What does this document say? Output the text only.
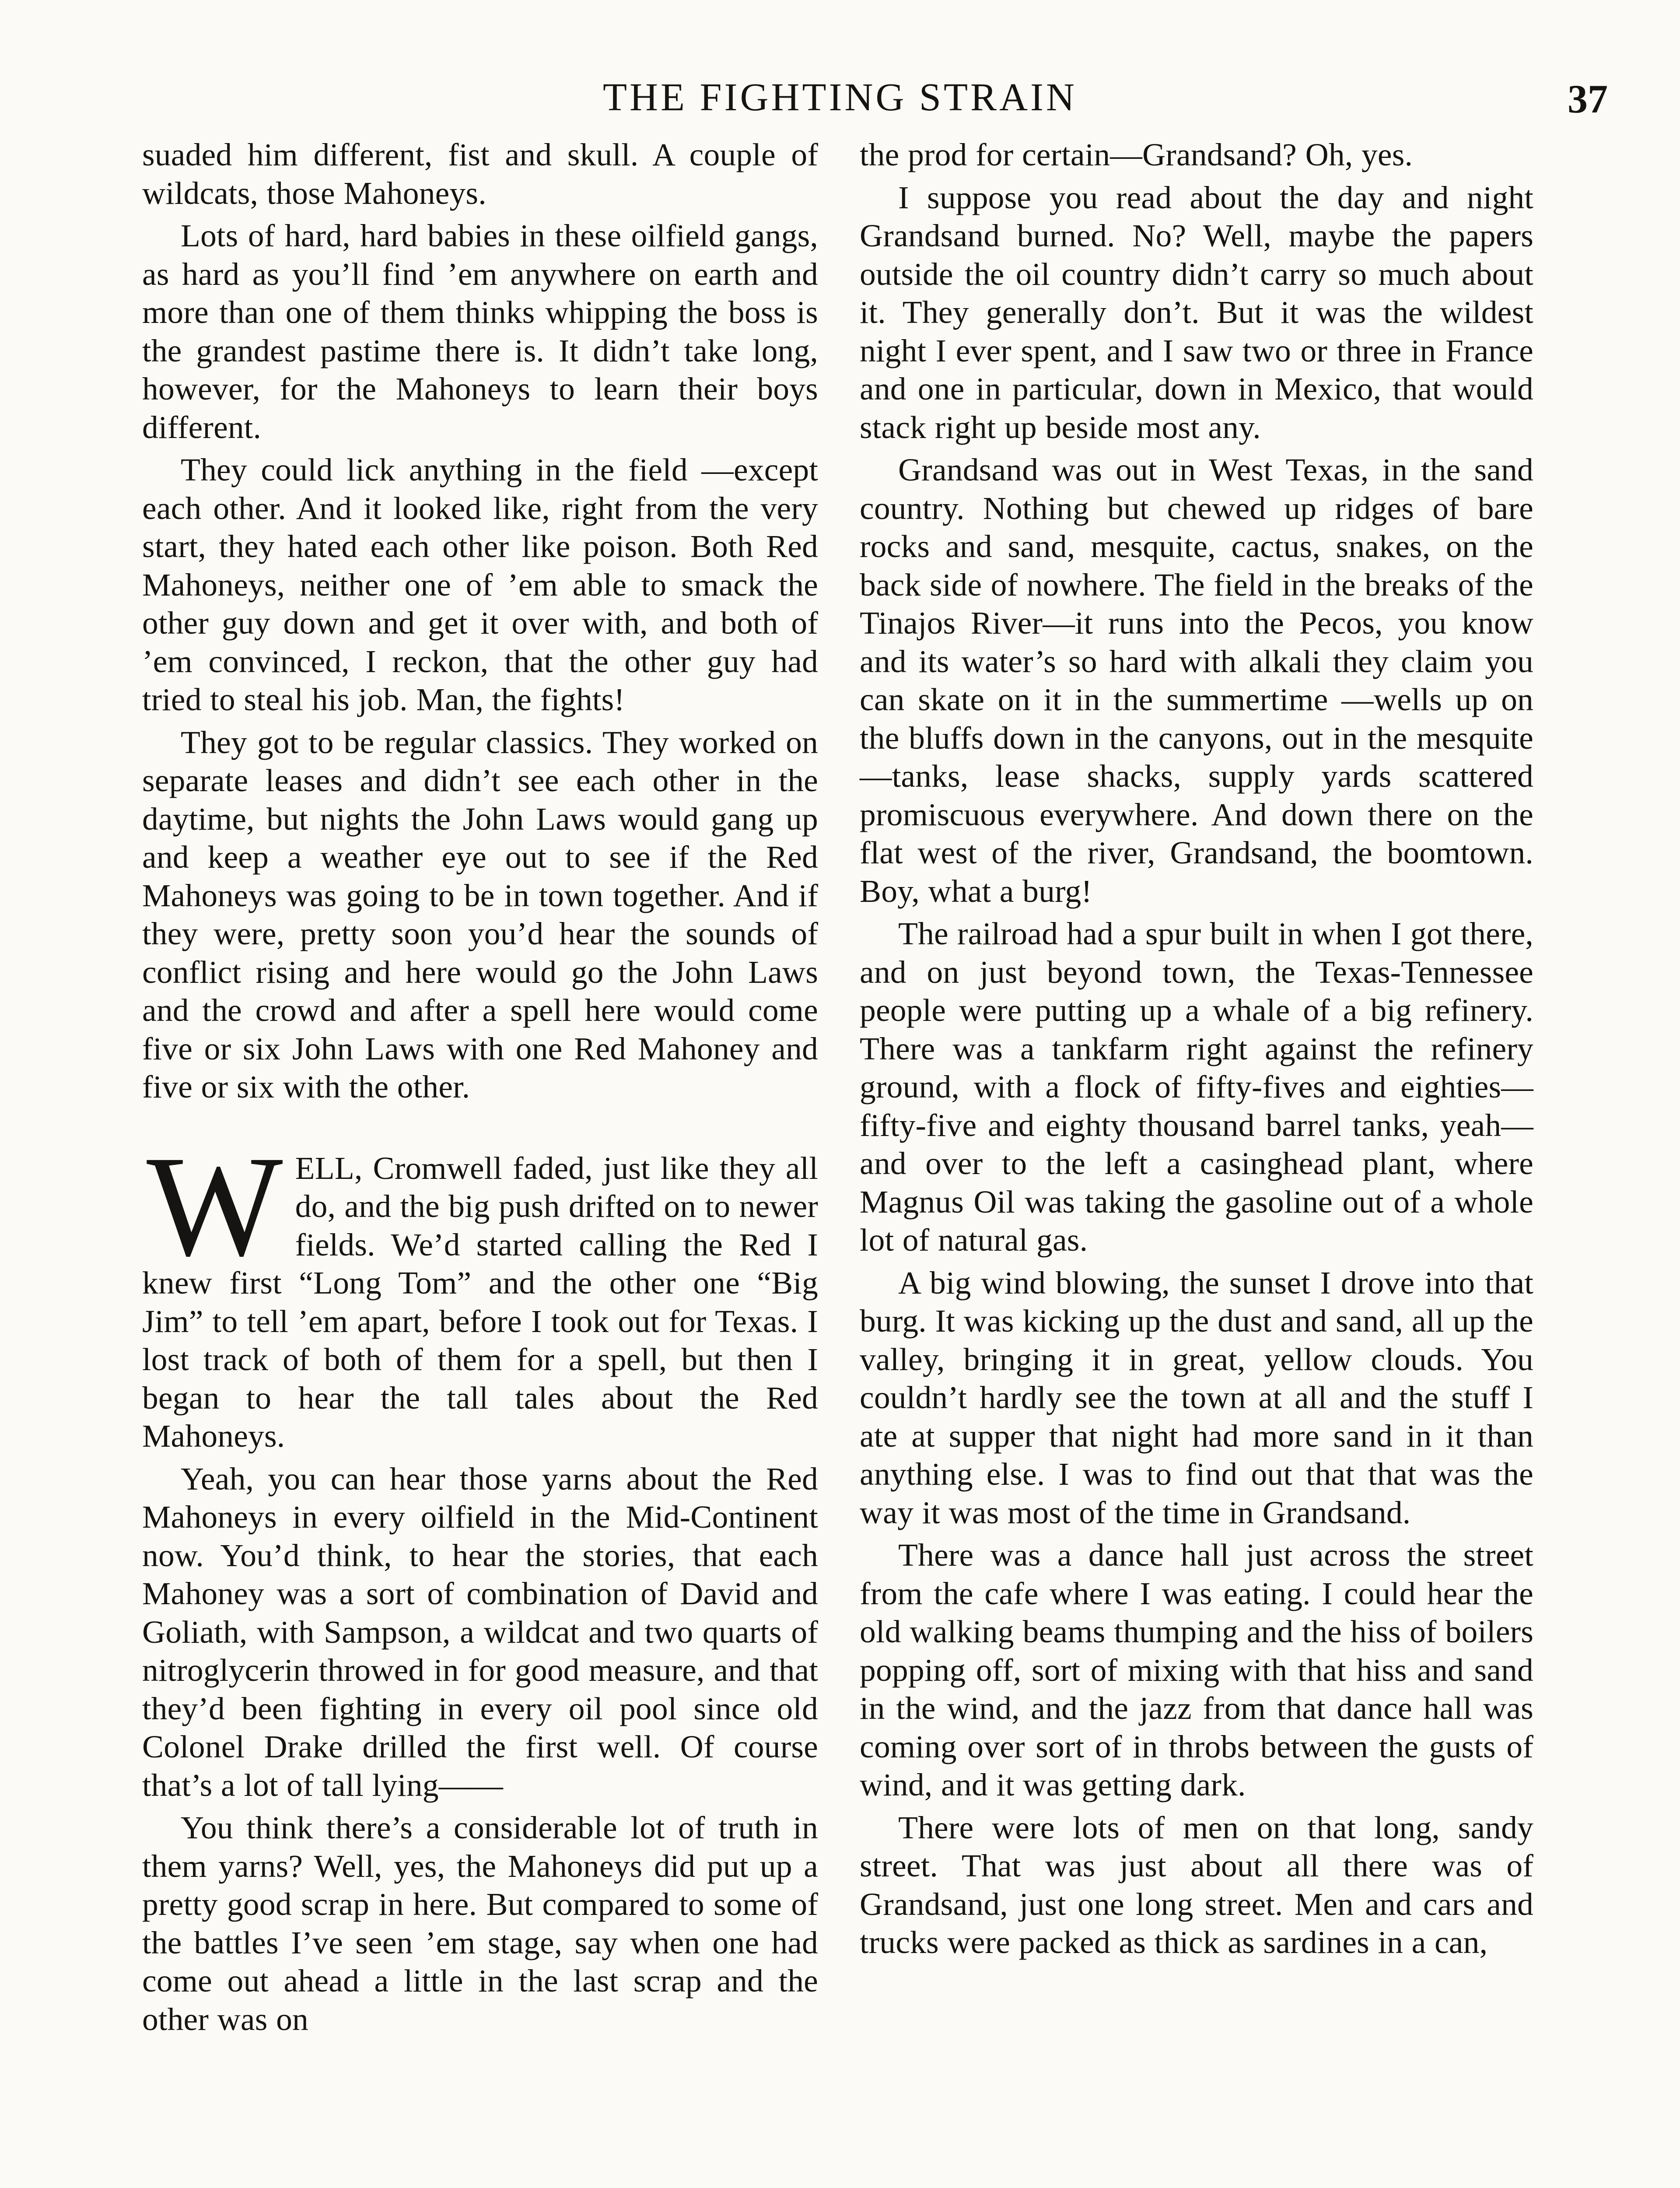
THE FIGHTING STRAIN	37

suaded him different, fist and skull. A couple of wildcats, those Mahoneys.

Lots of hard, hard babies in these oilfield gangs, as hard as you’ll find ’em anywhere on earth and more than one of them thinks whipping the boss is the grandest pastime there is. It didn’t take long, however, for the Mahoneys to learn their boys different.

They could lick anything in the field —except each other. And it looked like, right from the very start, they hated each other like poison. Both Red Mahoneys, neither one of ’em able to smack the other guy down and get it over with, and both of ’em convinced, I reckon, that the other guy had tried to steal his job. Man, the fights!

They got to be regular classics. They worked on separate leases and didn’t see each other in the daytime, but nights the John Laws would gang up and keep a weather eye out to see if the Red Mahoneys was going to be in town together. And if they were, pretty soon you’d hear the sounds of conflict rising and here would go the John Laws and the crowd and after a spell here would come five or six John Laws with one Red Mahoney and five or six with the other.

WELL, Cromwell faded, just like they all do, and the big push drifted on to newer fields. We’d started calling the Red I knew first “Long Tom” and the other one “Big Jim” to tell ’em apart, before I took out for Texas. I lost track of both of them for a spell, but then I began to hear the tall tales about the Red Mahoneys.

Yeah, you can hear those yarns about the Red Mahoneys in every oilfield in the Mid-Continent now. You’d think, to hear the stories, that each Mahoney was a sort of combination of David and Goliath, with Sampson, a wildcat and two quarts of nitroglycerin throwed in for good measure, and that they’d been fighting in every oil pool since old Colonel Drake drilled the first well. Of course that’s a lot of tall lying——

You think there’s a considerable lot of truth in them yarns? Well, yes, the Mahoneys did put up a pretty good scrap in here. But compared to some of the battles I’ve seen ’em stage, say when one had come out ahead a little in the last scrap and the other was on

the prod for certain—Grandsand? Oh, yes.

I suppose you read about the day and night Grandsand burned. No? Well, maybe the papers outside the oil country didn’t carry so much about it. They generally don’t. But it was the wildest night I ever spent, and I saw two or three in France and one in particular, down in Mexico, that would stack right up beside most any.

Grandsand was out in West Texas, in the sand country. Nothing but chewed up ridges of bare rocks and sand, mesquite, cactus, snakes, on the back side of nowhere. The field in the breaks of the Tinajos River—it runs into the Pecos, you know and its water’s so hard with alkali they claim you can skate on it in the summertime —wells up on the bluffs down in the canyons, out in the mesquite—tanks, lease shacks, supply yards scattered promiscuous everywhere. And down there on the flat west of the river, Grandsand, the boomtown. Boy, what a burg!

The railroad had a spur built in when I got there, and on just beyond town, the Texas-Tennessee people were putting up a whale of a big refinery. There was a tankfarm right against the refinery ground, with a flock of fifty-fives and eighties—fifty-five and eighty thousand barrel tanks, yeah—and over to the left a casinghead plant, where Magnus Oil was taking the gasoline out of a whole lot of natural gas.

A big wind blowing, the sunset I drove into that burg. It was kicking up the dust and sand, all up the valley, bringing it in great, yellow clouds. You couldn’t hardly see the town at all and the stuff I ate at supper that night had more sand in it than anything else. I was to find out that that was the way it was most of the time in Grandsand.

There was a dance hall just across the street from the cafe where I was eating. I could hear the old walking beams thumping and the hiss of boilers popping off, sort of mixing with that hiss and sand in the wind, and the jazz from that dance hall was coming over sort of in throbs between the gusts of wind, and it was getting dark.

There were lots of men on that long, sandy street. That was just about all there was of Grandsand, just one long street. Men and cars and trucks were packed as thick as sardines in a can,
